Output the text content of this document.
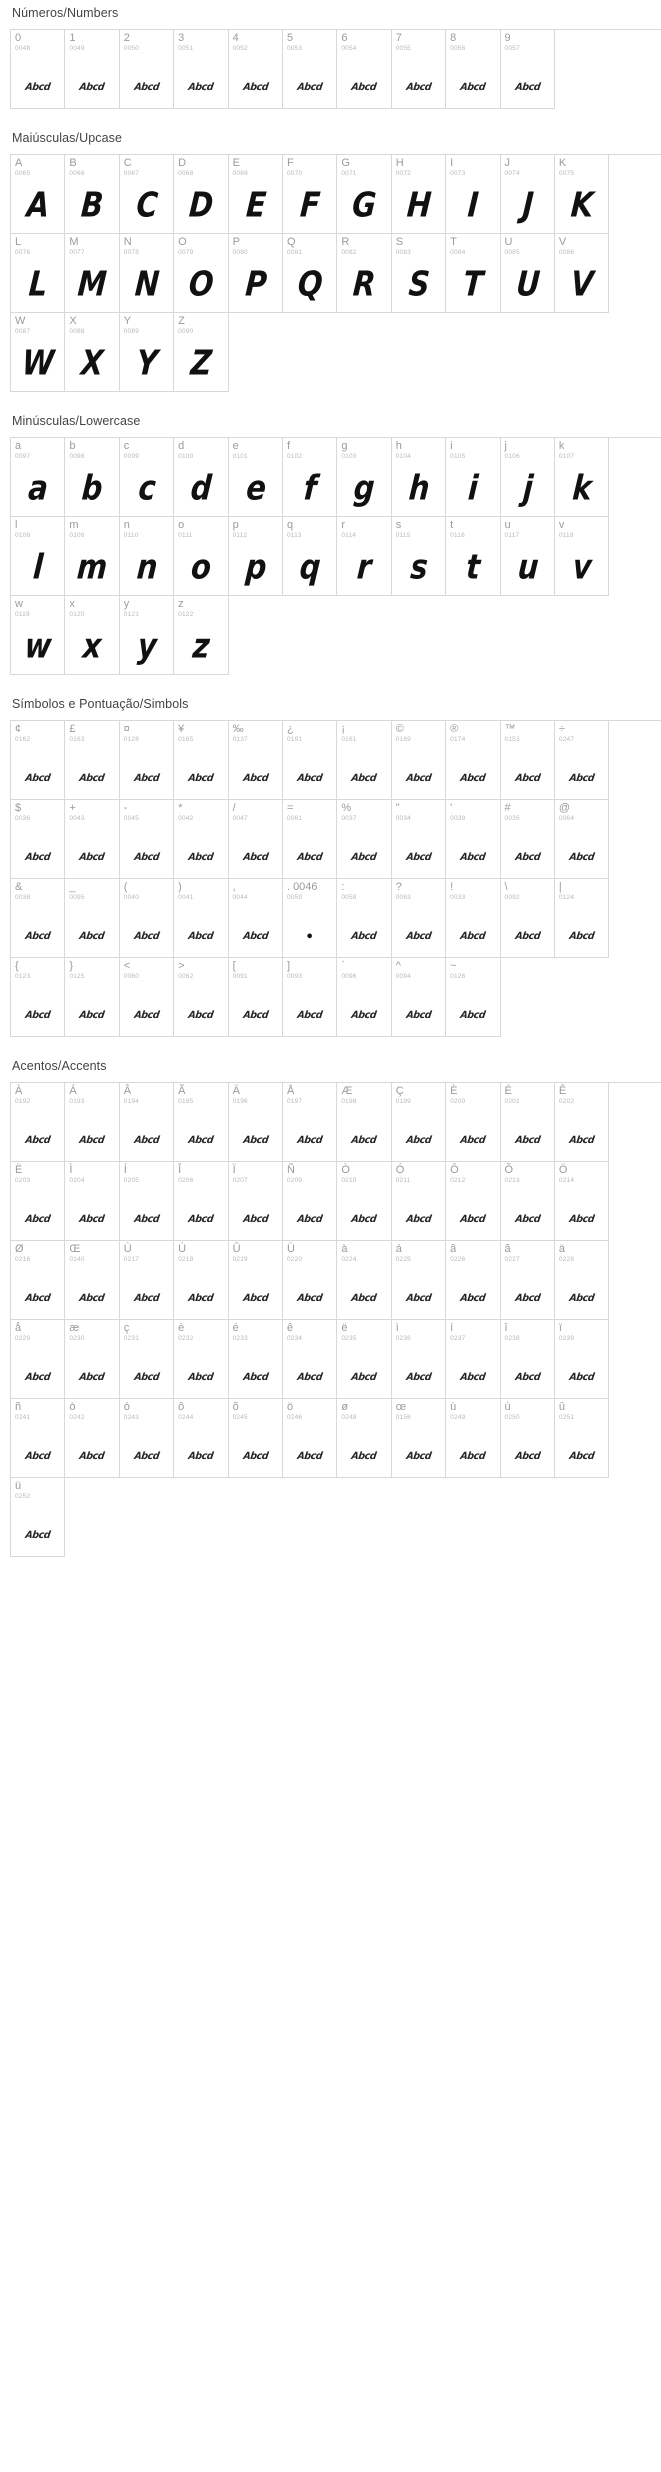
Números/Numbers
0
0048
Abcd
1
0049
Abcd
2
0050
Abcd
3
0051
Abcd
4
0052
Abcd
5
0053
Abcd
6
0054
Abcd
7
0055
Abcd
8
0056
Abcd
9
0057
Abcd
Maiúsculas/Upcase
A
0065
A
B
0066
B
C
0067
C
D
0068
D
E
0069
E
F
0070
F
G
0071
G
H
0072
H
I
0073
I
J
0074
J
K
0075
K
L
0076
L
M
0077
M
N
0078
N
O
0079
O
P
0080
P
Q
0081
Q
R
0082
R
S
0083
S
T
0084
T
U
0085
U
V
0086
V
W
0087
W
X
0088
X
Y
0089
Y
Z
0090
Z
Minúsculas/Lowercase
a
0097
a
b
0098
b
c
0099
c
d
0100
d
e
0101
e
f
0102
f
g
0103
g
h
0104
h
i
0105
i
j
0106
j
k
0107
k
l
0108
l
m
0109
m
n
0110
n
o
0111
o
p
0112
p
q
0113
q
r
0114
r
s
0115
s
t
0116
t
u
0117
u
v
0118
v
w
0119
w
x
0120
x
y
0121
y
z
0122
z
Símbolos e Pontuação/Simbols
¢
0162
Abcd
£
0163
Abcd
¤
0128
Abcd
¥
0165
Abcd
‰
0137
Abcd
¿
0191
Abcd
¡
0161
Abcd
©
0169
Abcd
®
0174
Abcd
™
0153
Abcd
÷
0247
Abcd
$
0036
Abcd
+
0043
Abcd
-
0045
Abcd
*
0042
Abcd
/
0047
Abcd
=
0061
Abcd
%
0037
Abcd
"
0034
Abcd
'
0039
Abcd
#
0035
Abcd
@
0064
Abcd
&
0038
Abcd
_
0095
Abcd
(
0040
Abcd
)
0041
Abcd
,
0044
Abcd
. 0046
0059
•
:
0058
Abcd
?
0063
Abcd
!
0033
Abcd
\
0092
Abcd
|
0124
Abcd
{
0123
Abcd
}
0125
Abcd
<
0060
Abcd
>
0062
Abcd
[
0091
Abcd
]
0093
Abcd
`
0096
Abcd
^
0094
Abcd
~
0126
Abcd
Acentos/Accents
À
0192
Abcd
Á
0193
Abcd
Â
0194
Abcd
Ã
0195
Abcd
Ä
0196
Abcd
Å
0197
Abcd
Æ
0198
Abcd
Ç
0199
Abcd
È
0200
Abcd
É
0201
Abcd
Ê
0202
Abcd
Ë
0203
Abcd
Ì
0204
Abcd
Í
0205
Abcd
Î
0206
Abcd
Ï
0207
Abcd
Ñ
0209
Abcd
Ò
0210
Abcd
Ó
0211
Abcd
Ô
0212
Abcd
Õ
0213
Abcd
Ö
0214
Abcd
Ø
0216
Abcd
Œ
0140
Abcd
Ù
0217
Abcd
Ú
0218
Abcd
Û
0219
Abcd
Ü
0220
Abcd
à
0224
Abcd
á
0225
Abcd
â
0226
Abcd
ã
0227
Abcd
ä
0228
Abcd
å
0229
Abcd
æ
0230
Abcd
ç
0231
Abcd
è
0232
Abcd
é
0233
Abcd
ê
0234
Abcd
ë
0235
Abcd
ì
0236
Abcd
í
0237
Abcd
î
0238
Abcd
ï
0239
Abcd
ñ
0241
Abcd
ò
0242
Abcd
ó
0243
Abcd
ô
0244
Abcd
õ
0245
Abcd
ö
0246
Abcd
ø
0248
Abcd
œ
0156
Abcd
ù
0249
Abcd
ú
0250
Abcd
û
0251
Abcd
ü
0252
Abcd
